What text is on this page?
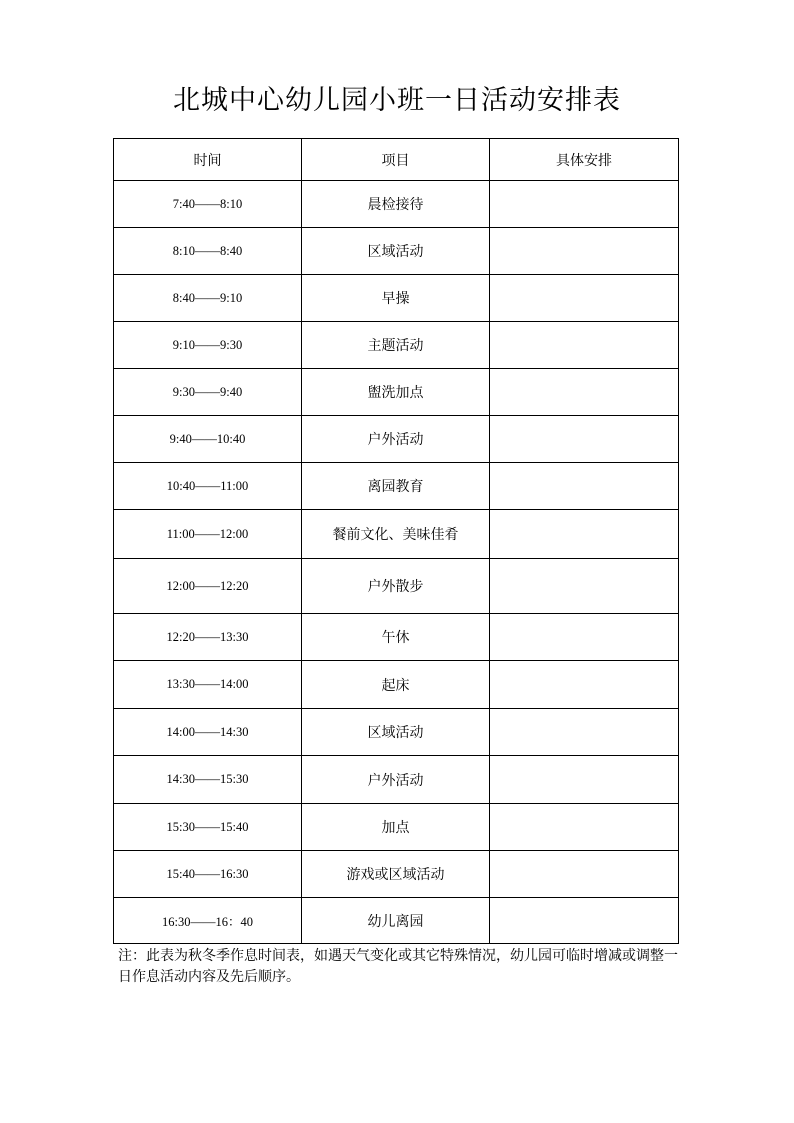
北城中心幼儿园小班一日活动安排表
时间	项目	具体安排
7:40——8:10	晨检接待	
8:10——8:40	区域活动	
8:40——9:10	早操	
9:10——9:30	主题活动	
9:30——9:40	盥洗加点	
9:40——10:40	户外活动	
10:40——11:00	离园教育	
11:00——12:00	餐前文化、美味佳肴	
12:00——12:20	户外散步	
12:20——13:30	午休	
13:30——14:00	起床	
14:00——14:30	区域活动	
14:30——15:30	户外活动	
15:30——15:40	加点	
15:40——16:30	游戏或区域活动	
16:30——16：40	幼儿离园	

注：此表为秋冬季作息时间表，如遇天气变化或其它特殊情况，幼儿园可临时增减或调整一日作息活动内容及先后顺序。
